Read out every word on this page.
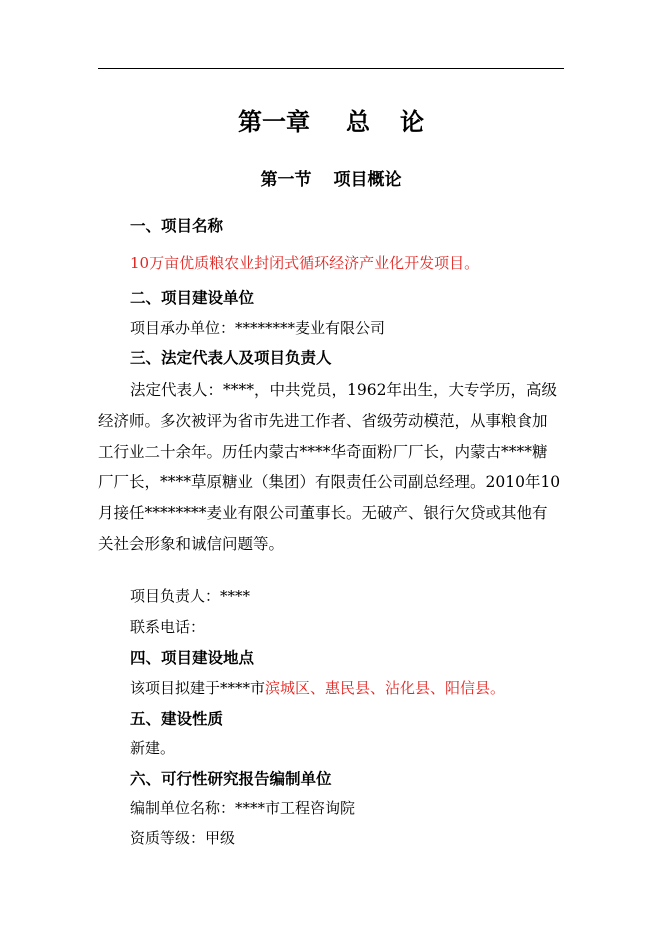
第一章 总 论
第一节 项目概论
一、项目名称
10万亩优质粮农业封闭式循环经济产业化开发项目。
二、项目建设单位
项目承办单位：********麦业有限公司
三、法定代表人及项目负责人
法定代表人：****，中共党员，1962年出生，大专学历，高级
经济师。多次被评为省市先进工作者、省级劳动模范，从事粮食加
工行业二十余年。历任内蒙古****华奇面粉厂厂长，内蒙古****糖
厂厂长，****草原糖业（集团）有限责任公司副总经理。2010年10
月接任********麦业有限公司董事长。无破产、银行欠贷或其他有
关社会形象和诚信问题等。
项目负责人：****
联系电话：
四、项目建设地点
该项目拟建于****市滨城区、惠民县、沾化县、阳信县。
五、建设性质
新建。
六、可行性研究报告编制单位
编制单位名称：****市工程咨询院
资质等级：甲级
